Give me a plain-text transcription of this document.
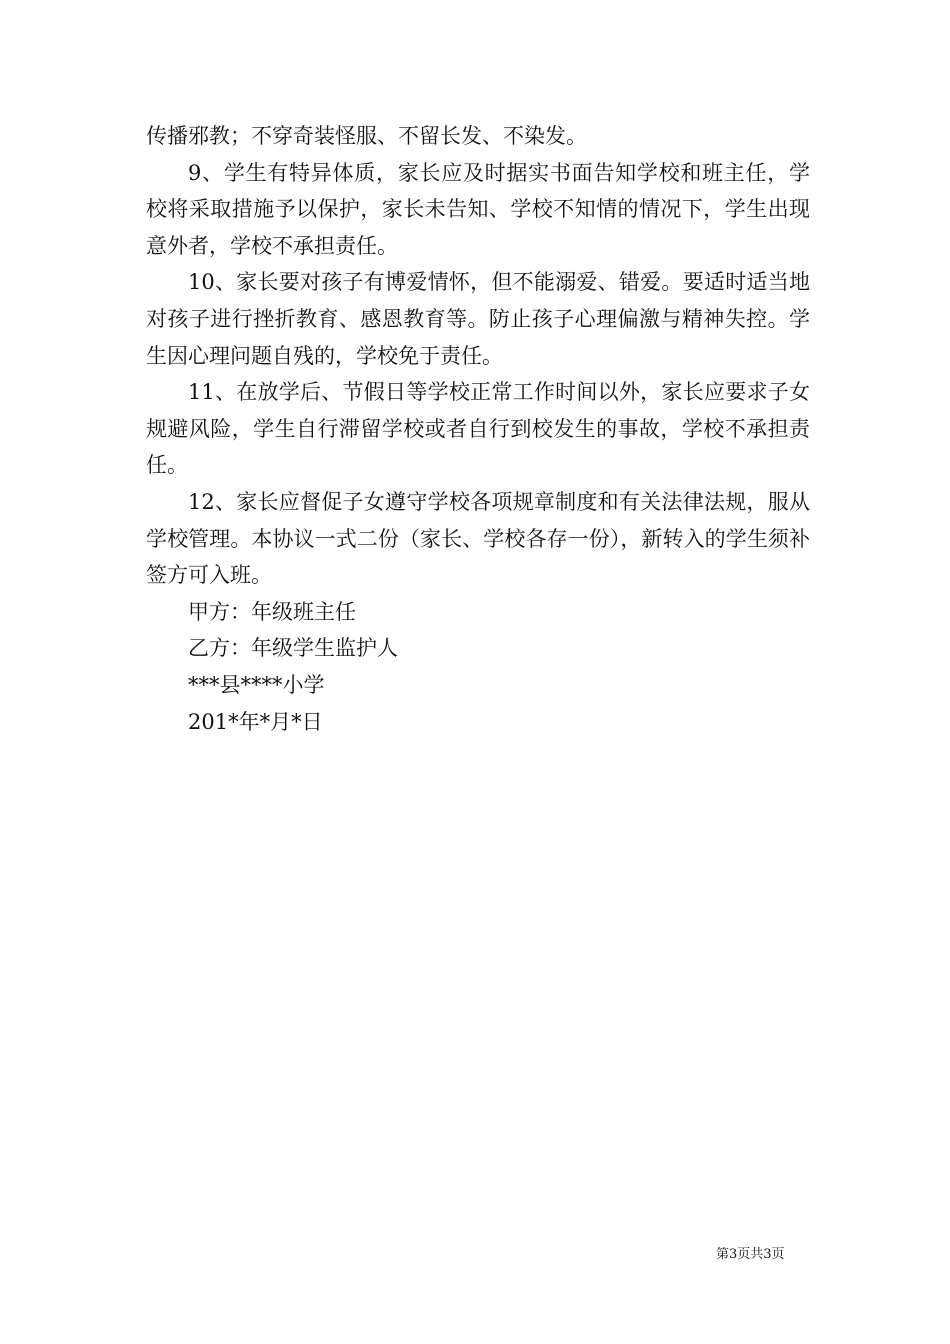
传播邪教；不穿奇装怪服、不留长发、不染发。

9、学生有特异体质，家长应及时据实书面告知学校和班主任，学校将采取措施予以保护，家长未告知、学校不知情的情况下，学生出现意外者，学校不承担责任。

10、家长要对孩子有博爱情怀，但不能溺爱、错爱。要适时适当地对孩子进行挫折教育、感恩教育等。防止孩子心理偏激与精神失控。学生因心理问题自残的，学校免于责任。

11、在放学后、节假日等学校正常工作时间以外，家长应要求子女规避风险，学生自行滞留学校或者自行到校发生的事故，学校不承担责任。

12、家长应督促子女遵守学校各项规章制度和有关法律法规，服从学校管理。本协议一式二份（家长、学校各存一份），新转入的学生须补签方可入班。

甲方：年级班主任

乙方：年级学生监护人

***县****小学

201*年*月*日

第3页共3页
